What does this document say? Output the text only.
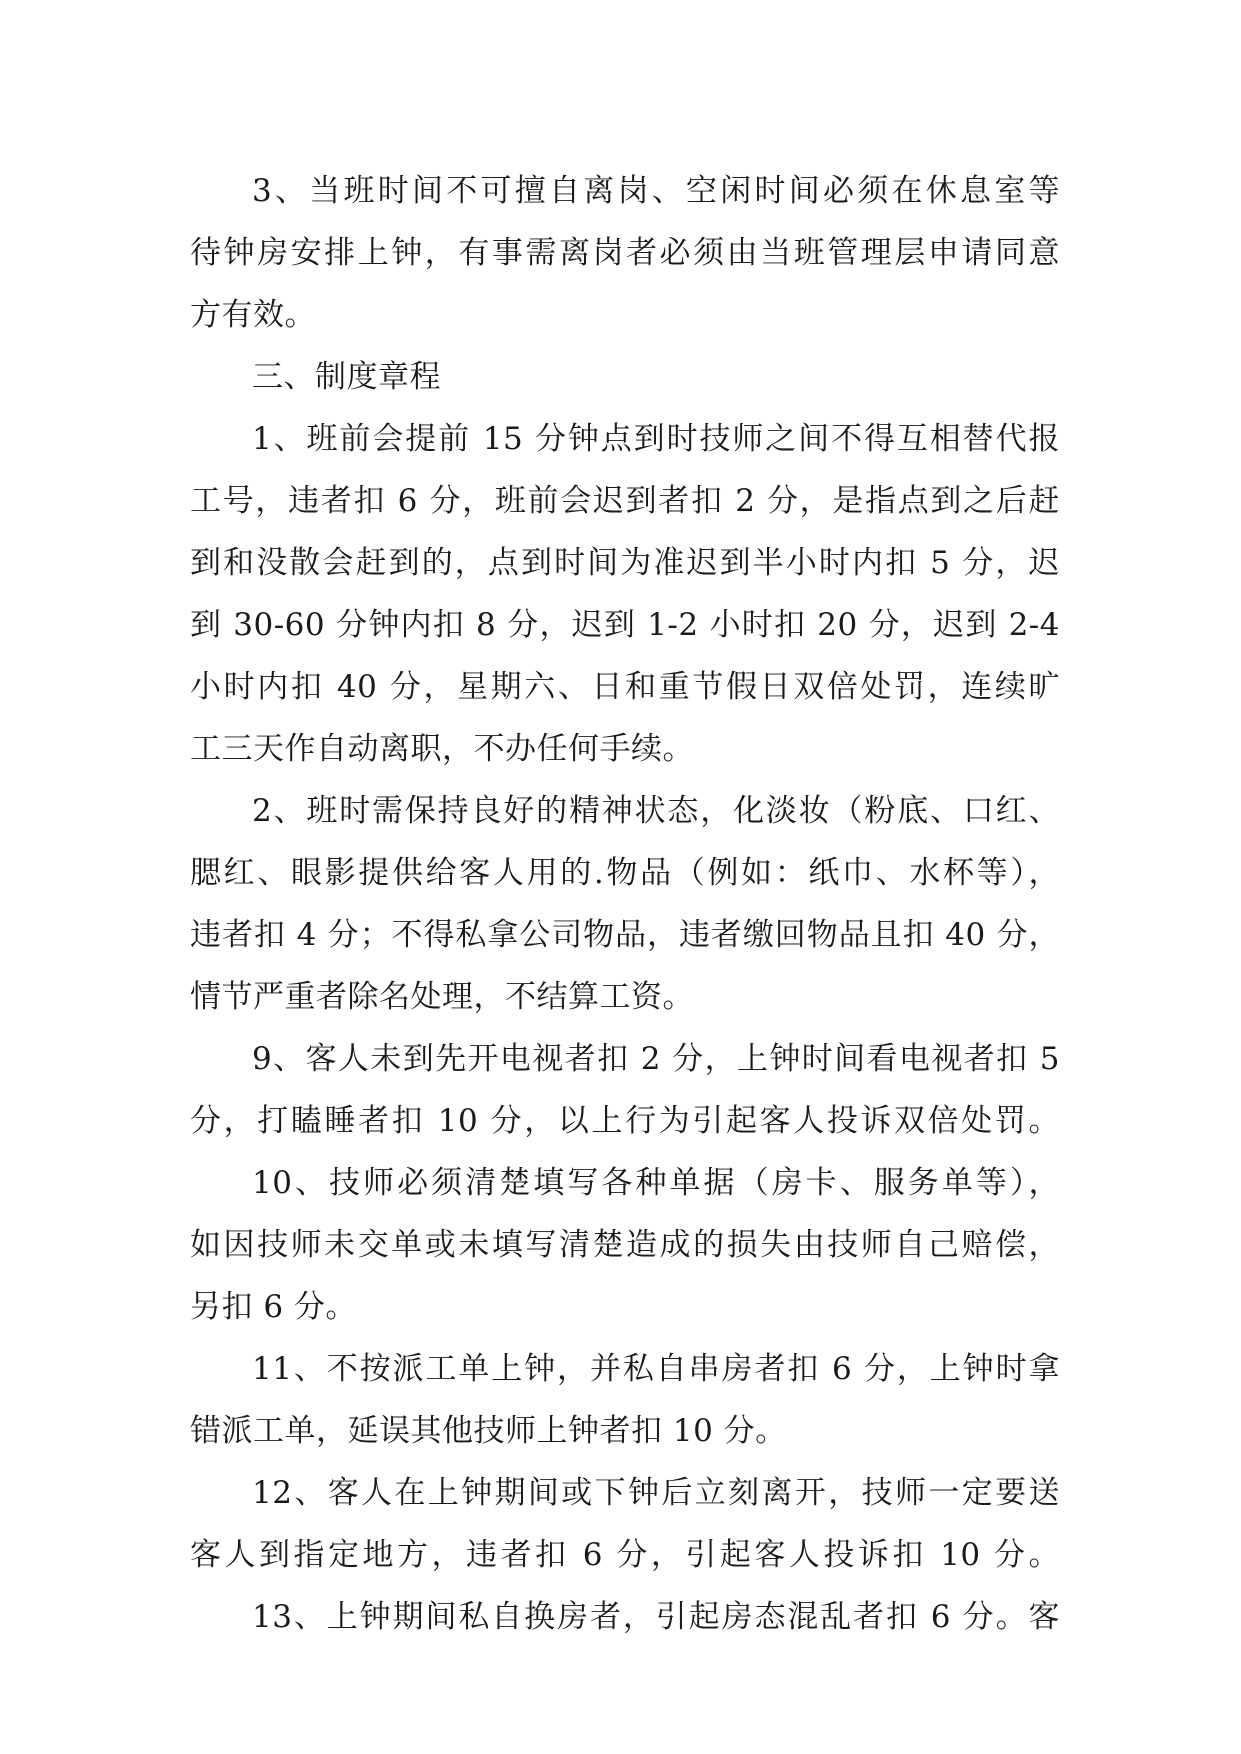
3、当班时间不可擅自离岗、空闲时间必须在休息室等
待钟房安排上钟，有事需离岗者必须由当班管理层申请同意
方有效。
三、制度章程
1、班前会提前 15 分钟点到时技师之间不得互相替代报
工号，违者扣 6 分，班前会迟到者扣 2 分，是指点到之后赶
到和没散会赶到的，点到时间为准迟到半小时内扣 5 分，迟
到 30-60 分钟内扣 8 分，迟到 1-2 小时扣 20 分，迟到 2-4
小时内扣 40 分，星期六、日和重节假日双倍处罚，连续旷
工三天作自动离职，不办任何手续。
2、班时需保持良好的精神状态，化淡妆（粉底、口红、
腮红、眼影提供给客人用的.物品（例如：纸巾、水杯等），
违者扣 4 分；不得私拿公司物品，违者缴回物品且扣 40 分，
情节严重者除名处理，不结算工资。
9、客人未到先开电视者扣 2 分，上钟时间看电视者扣 5
分，打瞌睡者扣 10 分，以上行为引起客人投诉双倍处罚。
10、技师必须清楚填写各种单据（房卡、服务单等），
如因技师未交单或未填写清楚造成的损失由技师自己赔偿，
另扣 6 分。
11、不按派工单上钟，并私自串房者扣 6 分，上钟时拿
错派工单，延误其他技师上钟者扣 10 分。
12、客人在上钟期间或下钟后立刻离开，技师一定要送
客人到指定地方，违者扣 6 分，引起客人投诉扣 10 分。
13、上钟期间私自换房者，引起房态混乱者扣 6 分。客
